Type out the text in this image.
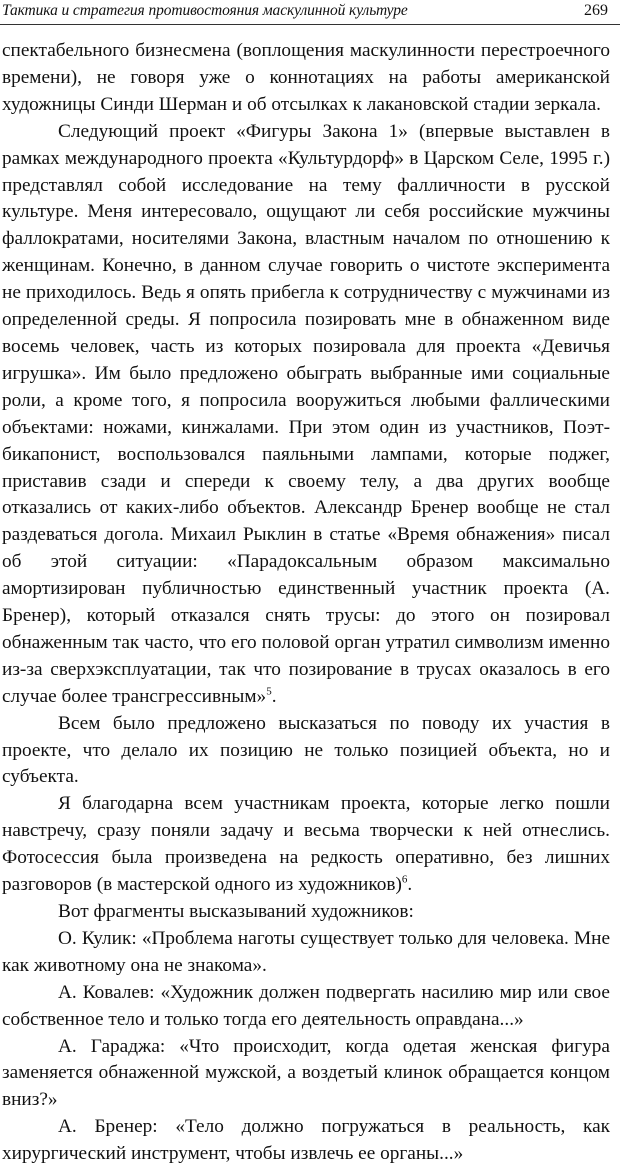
Тактика и стратегия противостояния маскулинной культуре	269

спектабельного бизнесмена (воплощения маскулинности перестроечного времени), не говоря уже о коннотациях на работы американской художницы Синди Шерман и об отсылках к лакановской стадии зеркала.

Следующий проект «Фигуры Закона 1» (впервые выставлен в рамках международного проекта «Культурдорф» в Царском Селе, 1995 г.) представлял собой исследование на тему фалличности в русской культуре. Меня интересовало, ощущают ли себя российские мужчины фаллократами, носителями Закона, властным началом по отношению к женщинам. Конечно, в данном случае говорить о чистоте эксперимента не приходилось. Ведь я опять прибегла к сотрудничеству с мужчинами из определенной среды. Я попросила позировать мне в обнаженном виде восемь человек, часть из которых позировала для проекта «Девичья игрушка». Им было предложено обыграть выбранные ими социальные роли, а кроме того, я попросила вооружиться любыми фаллическими объектами: ножами, кинжалами. При этом один из участников, Поэт-бикапонист, воспользовался паяльными лампами, которые поджег, приставив сзади и спереди к своему телу, а два других вообще отказались от каких-либо объектов. Александр Бренер вообще не стал раздеваться догола. Михаил Рыклин в статье «Время обнажения» писал об этой ситуации: «Парадоксальным образом максимально амортизирован публичностью единственный участник проекта (А. Бренер), который отказался снять трусы: до этого он позировал обнаженным так часто, что его половой орган утратил символизм именно из-за сверхэксплуатации, так что позирование в трусах оказалось в его случае более трансгрессивным»$^5$.

Всем было предложено высказаться по поводу их участия в проекте, что делало их позицию не только позицией объекта, но и субъекта.

Я благодарна всем участникам проекта, которые легко пошли навстречу, сразу поняли задачу и весьма творчески к ней отнеслись. Фотосессия была произведена на редкость оперативно, без лишних разговоров (в мастерской одного из художников)$^6$.

Вот фрагменты высказываний художников:

О. Кулик: «Проблема наготы существует только для человека. Мне как животному она не знакома».

А. Ковалев: «Художник должен подвергать насилию мир или свое собственное тело и только тогда его деятельность оправдана...»

А. Гараджа: «Что происходит, когда одетая женская фигура заменяется обнаженной мужской, а воздетый клинок обращается концом вниз?»

А. Бренер: «Тело должно погружаться в реальность, как хирургический инструмент, чтобы извлечь ее органы...»
